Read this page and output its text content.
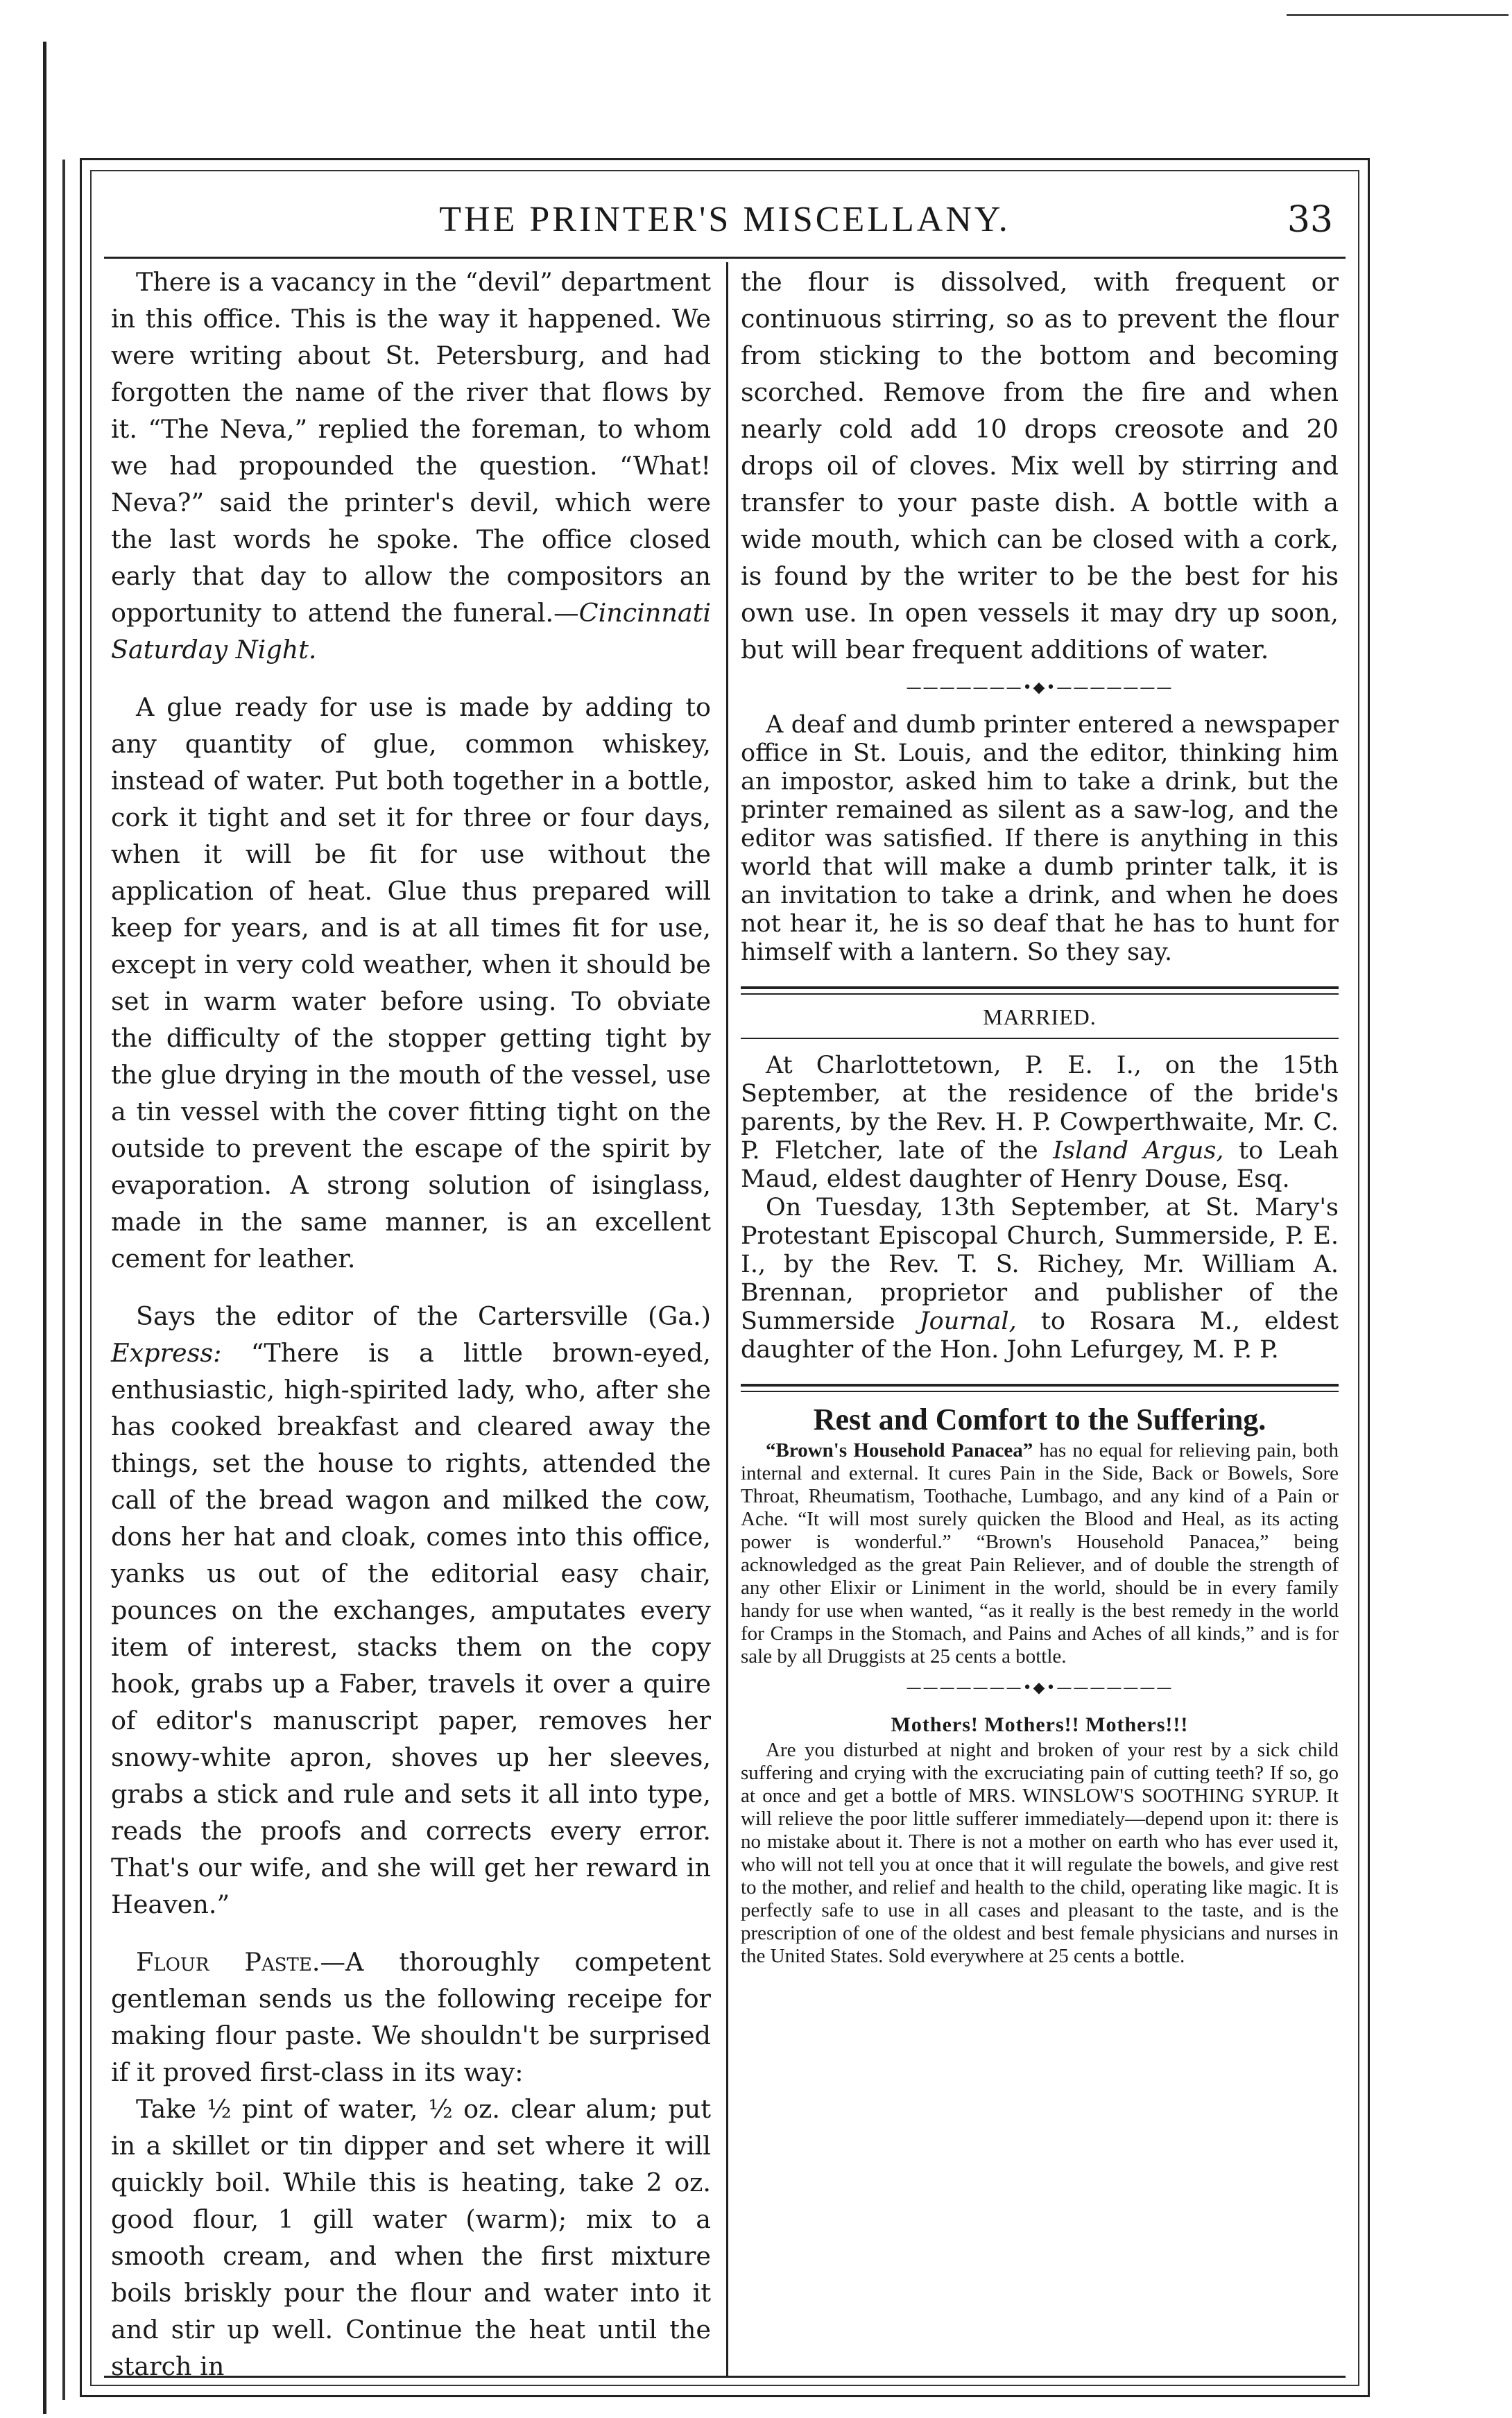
THE PRINTER'S MISCELLANY.	33

There is a vacancy in the “devil” department in this office. This is the way it happened. We were writing about St. Petersburg, and had forgotten the name of the river that flows by it. “The Neva,” replied the foreman, to whom we had propounded the question. “What! Neva?” said the printer's devil, which were the last words he spoke. The office closed early that day to allow the compositors an opportunity to attend the funeral.—Cincinnati Saturday Night.

A glue ready for use is made by adding to any quantity of glue, common whiskey, instead of water. Put both together in a bottle, cork it tight and set it for three or four days, when it will be fit for use without the application of heat. Glue thus prepared will keep for years, and is at all times fit for use, except in very cold weather, when it should be set in warm water before using. To obviate the difficulty of the stopper getting tight by the glue drying in the mouth of the vessel, use a tin vessel with the cover fitting tight on the outside to prevent the escape of the spirit by evaporation. A strong solution of isinglass, made in the same manner, is an excellent cement for leather.

Says the editor of the Cartersville (Ga.) Express: “There is a little brown-eyed, enthusiastic, high-spirited lady, who, after she has cooked breakfast and cleared away the things, set the house to rights, attended the call of the bread wagon and milked the cow, dons her hat and cloak, comes into this office, yanks us out of the editorial easy chair, pounces on the exchanges, amputates every item of interest, stacks them on the copy hook, grabs up a Faber, travels it over a quire of editor's manuscript paper, removes her snowy-white apron, shoves up her sleeves, grabs a stick and rule and sets it all into type, reads the proofs and corrects every error. That's our wife, and she will get her reward in Heaven.”

Flour Paste.—A thoroughly competent gentleman sends us the following receipe for making flour paste. We shouldn't be surprised if it proved first-class in its way:

Take ½ pint of water, ½ oz. clear alum; put in a skillet or tin dipper and set where it will quickly boil. While this is heating, take 2 oz. good flour, 1 gill water (warm); mix to a smooth cream, and when the first mixture boils briskly pour the flour and water into it and stir up well. Continue the heat until the starch in

the flour is dissolved, with frequent or continuous stirring, so as to prevent the flour from sticking to the bottom and becoming scorched. Remove from the fire and when nearly cold add 10 drops creosote and 20 drops oil of cloves. Mix well by stirring and transfer to your paste dish. A bottle with a wide mouth, which can be closed with a cork, is found by the writer to be the best for his own use. In open vessels it may dry up soon, but will bear frequent additions of water.

———————•◆•———————

A deaf and dumb printer entered a newspaper office in St. Louis, and the editor, thinking him an impostor, asked him to take a drink, but the printer remained as silent as a saw-log, and the editor was satisfied. If there is anything in this world that will make a dumb printer talk, it is an invitation to take a drink, and when he does not hear it, he is so deaf that he has to hunt for himself with a lantern. So they say.

MARRIED.

At Charlottetown, P. E. I., on the 15th September, at the residence of the bride's parents, by the Rev. H. P. Cowperthwaite, Mr. C. P. Fletcher, late of the Island Argus, to Leah Maud, eldest daughter of Henry Douse, Esq.

On Tuesday, 13th September, at St. Mary's Protestant Episcopal Church, Summerside, P. E. I., by the Rev. T. S. Richey, Mr. William A. Brennan, proprietor and publisher of the Summerside Journal, to Rosara M., eldest daughter of the Hon. John Lefurgey, M. P. P.

Rest and Comfort to the Suffering.

“Brown's Household Panacea” has no equal for relieving pain, both internal and external. It cures Pain in the Side, Back or Bowels, Sore Throat, Rheumatism, Toothache, Lumbago, and any kind of a Pain or Ache. “It will most surely quicken the Blood and Heal, as its acting power is wonderful.” “Brown's Household Panacea,” being acknowledged as the great Pain Reliever, and of double the strength of any other Elixir or Liniment in the world, should be in every family handy for use when wanted, “as it really is the best remedy in the world for Cramps in the Stomach, and Pains and Aches of all kinds,” and is for sale by all Druggists at 25 cents a bottle.

———————•◆•———————
Mothers! Mothers!! Mothers!!!

Are you disturbed at night and broken of your rest by a sick child suffering and crying with the excruciating pain of cutting teeth? If so, go at once and get a bottle of MRS. WINSLOW'S SOOTHING SYRUP. It will relieve the poor little sufferer immediately—depend upon it: there is no mistake about it. There is not a mother on earth who has ever used it, who will not tell you at once that it will regulate the bowels, and give rest to the mother, and relief and health to the child, operating like magic. It is perfectly safe to use in all cases and pleasant to the taste, and is the prescription of one of the oldest and best female physicians and nurses in the United States. Sold everywhere at 25 cents a bottle.
